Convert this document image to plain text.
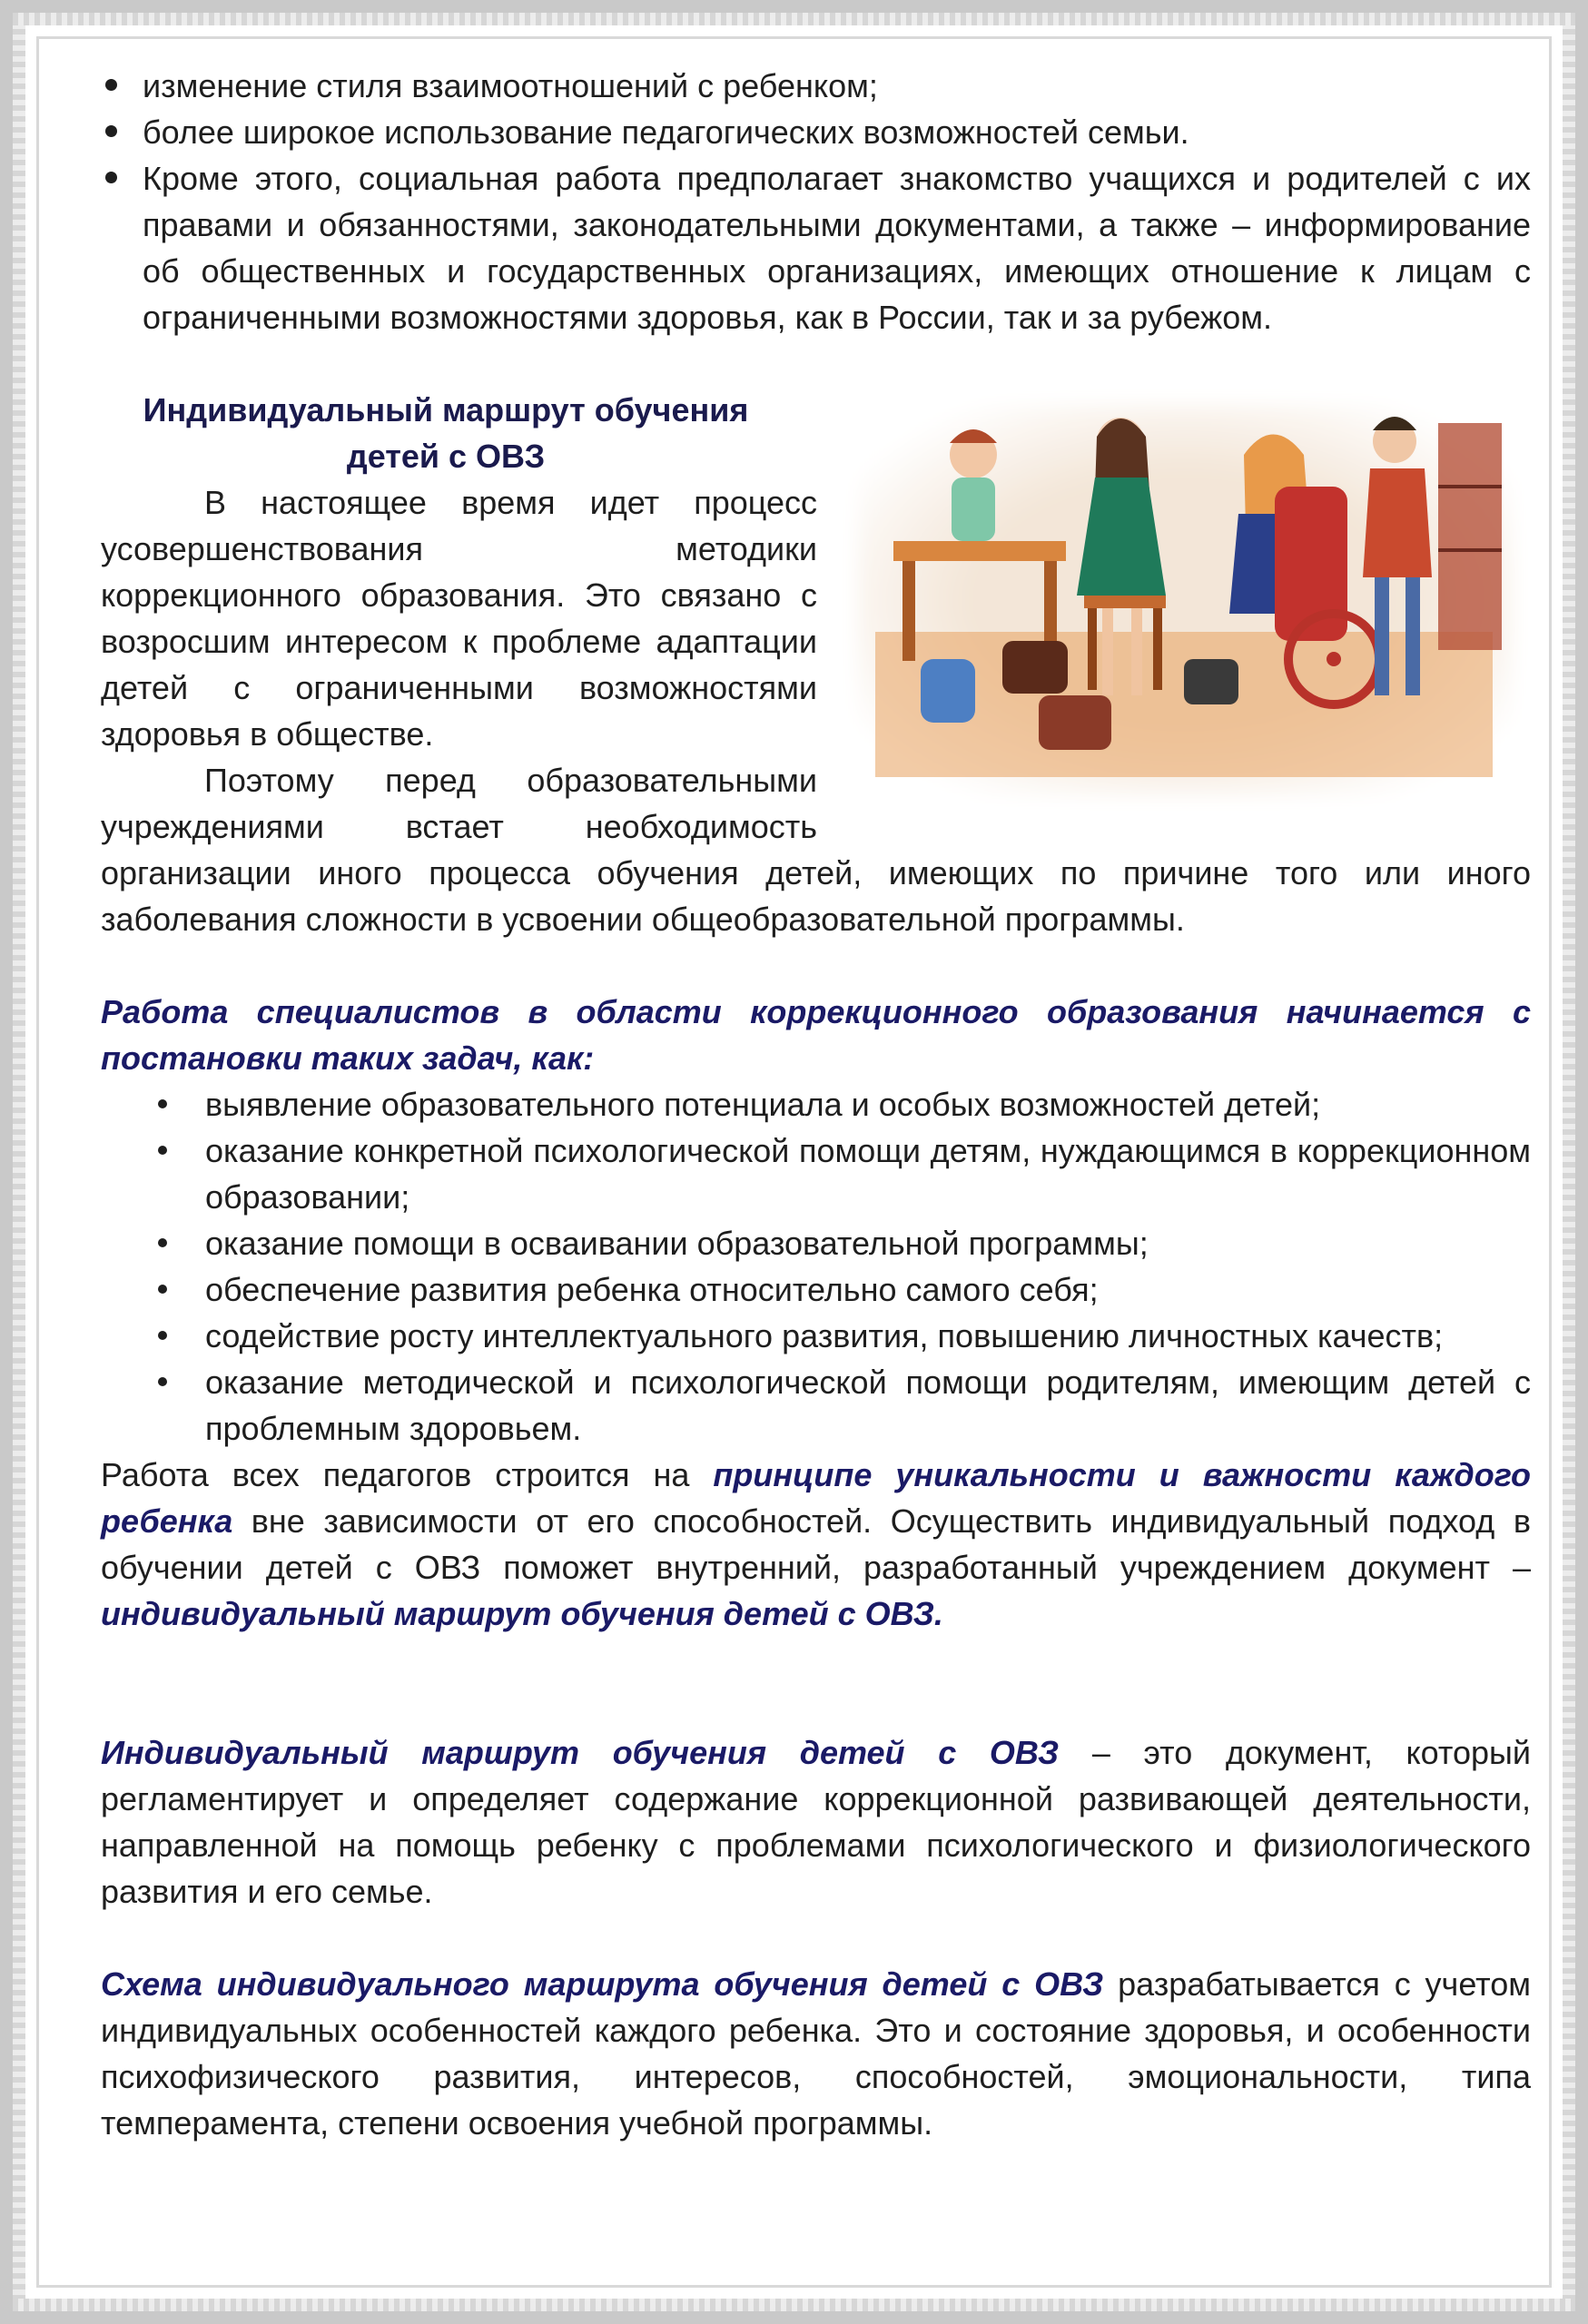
изменение стиля взаимоотношений с ребенком;
более широкое использование педагогических возможностей семьи.
Кроме этого, социальная работа предполагает знакомство учащихся и родителей с их правами и обязанностями, законодательными документами, а также – информирование об общественных и государственных организациях, имеющих отношение к лицам с ограниченными возможностями здоровья, как в России, так и за рубежом.
Индивидуальный маршрут обучения
детей с ОВЗ
В настоящее время идет процесс усовершенствования методики коррекционного образования. Это связано с возросшим интересом к проблеме адаптации детей с ограниченными возможностями здоровья в обществе.
Поэтому перед образовательными учреждениями встает необходимость организации иного процесса обучения детей, имеющих по причине того или иного заболевания сложности в усвоении общеобразовательной программы.
Работа специалистов в области коррекционного образования начинается с постановки таких задач, как:
выявление образовательного потенциала и особых возможностей детей;
оказание конкретной психологической помощи детям, нуждающимся в коррекционном образовании;
оказание помощи в осваивании образовательной программы;
обеспечение развития ребенка относительно самого себя;
содействие росту интеллектуального развития, повышению личностных качеств;
оказание методической и психологической помощи родителям, имеющим детей с проблемным здоровьем.
Работа всех педагогов строится на принципе уникальности и важности каждого ребенка вне зависимости от его способностей. Осуществить индивидуальный подход в обучении детей с ОВЗ поможет внутренний, разработанный учреждением документ – индивидуальный маршрут обучения детей с ОВЗ.
Индивидуальный маршрут обучения детей с ОВЗ – это документ, который регламентирует и определяет содержание коррекционной развивающей деятельности, направленной на помощь ребенку с проблемами психологического и физиологического развития и его семье.
Схема индивидуального маршрута обучения детей с ОВЗ разрабатывается с учетом индивидуальных особенностей каждого ребенка. Это и состояние здоровья, и особенности психофизического развития, интересов, способностей, эмоциональности, типа темперамента, степени освоения учебной программы.
